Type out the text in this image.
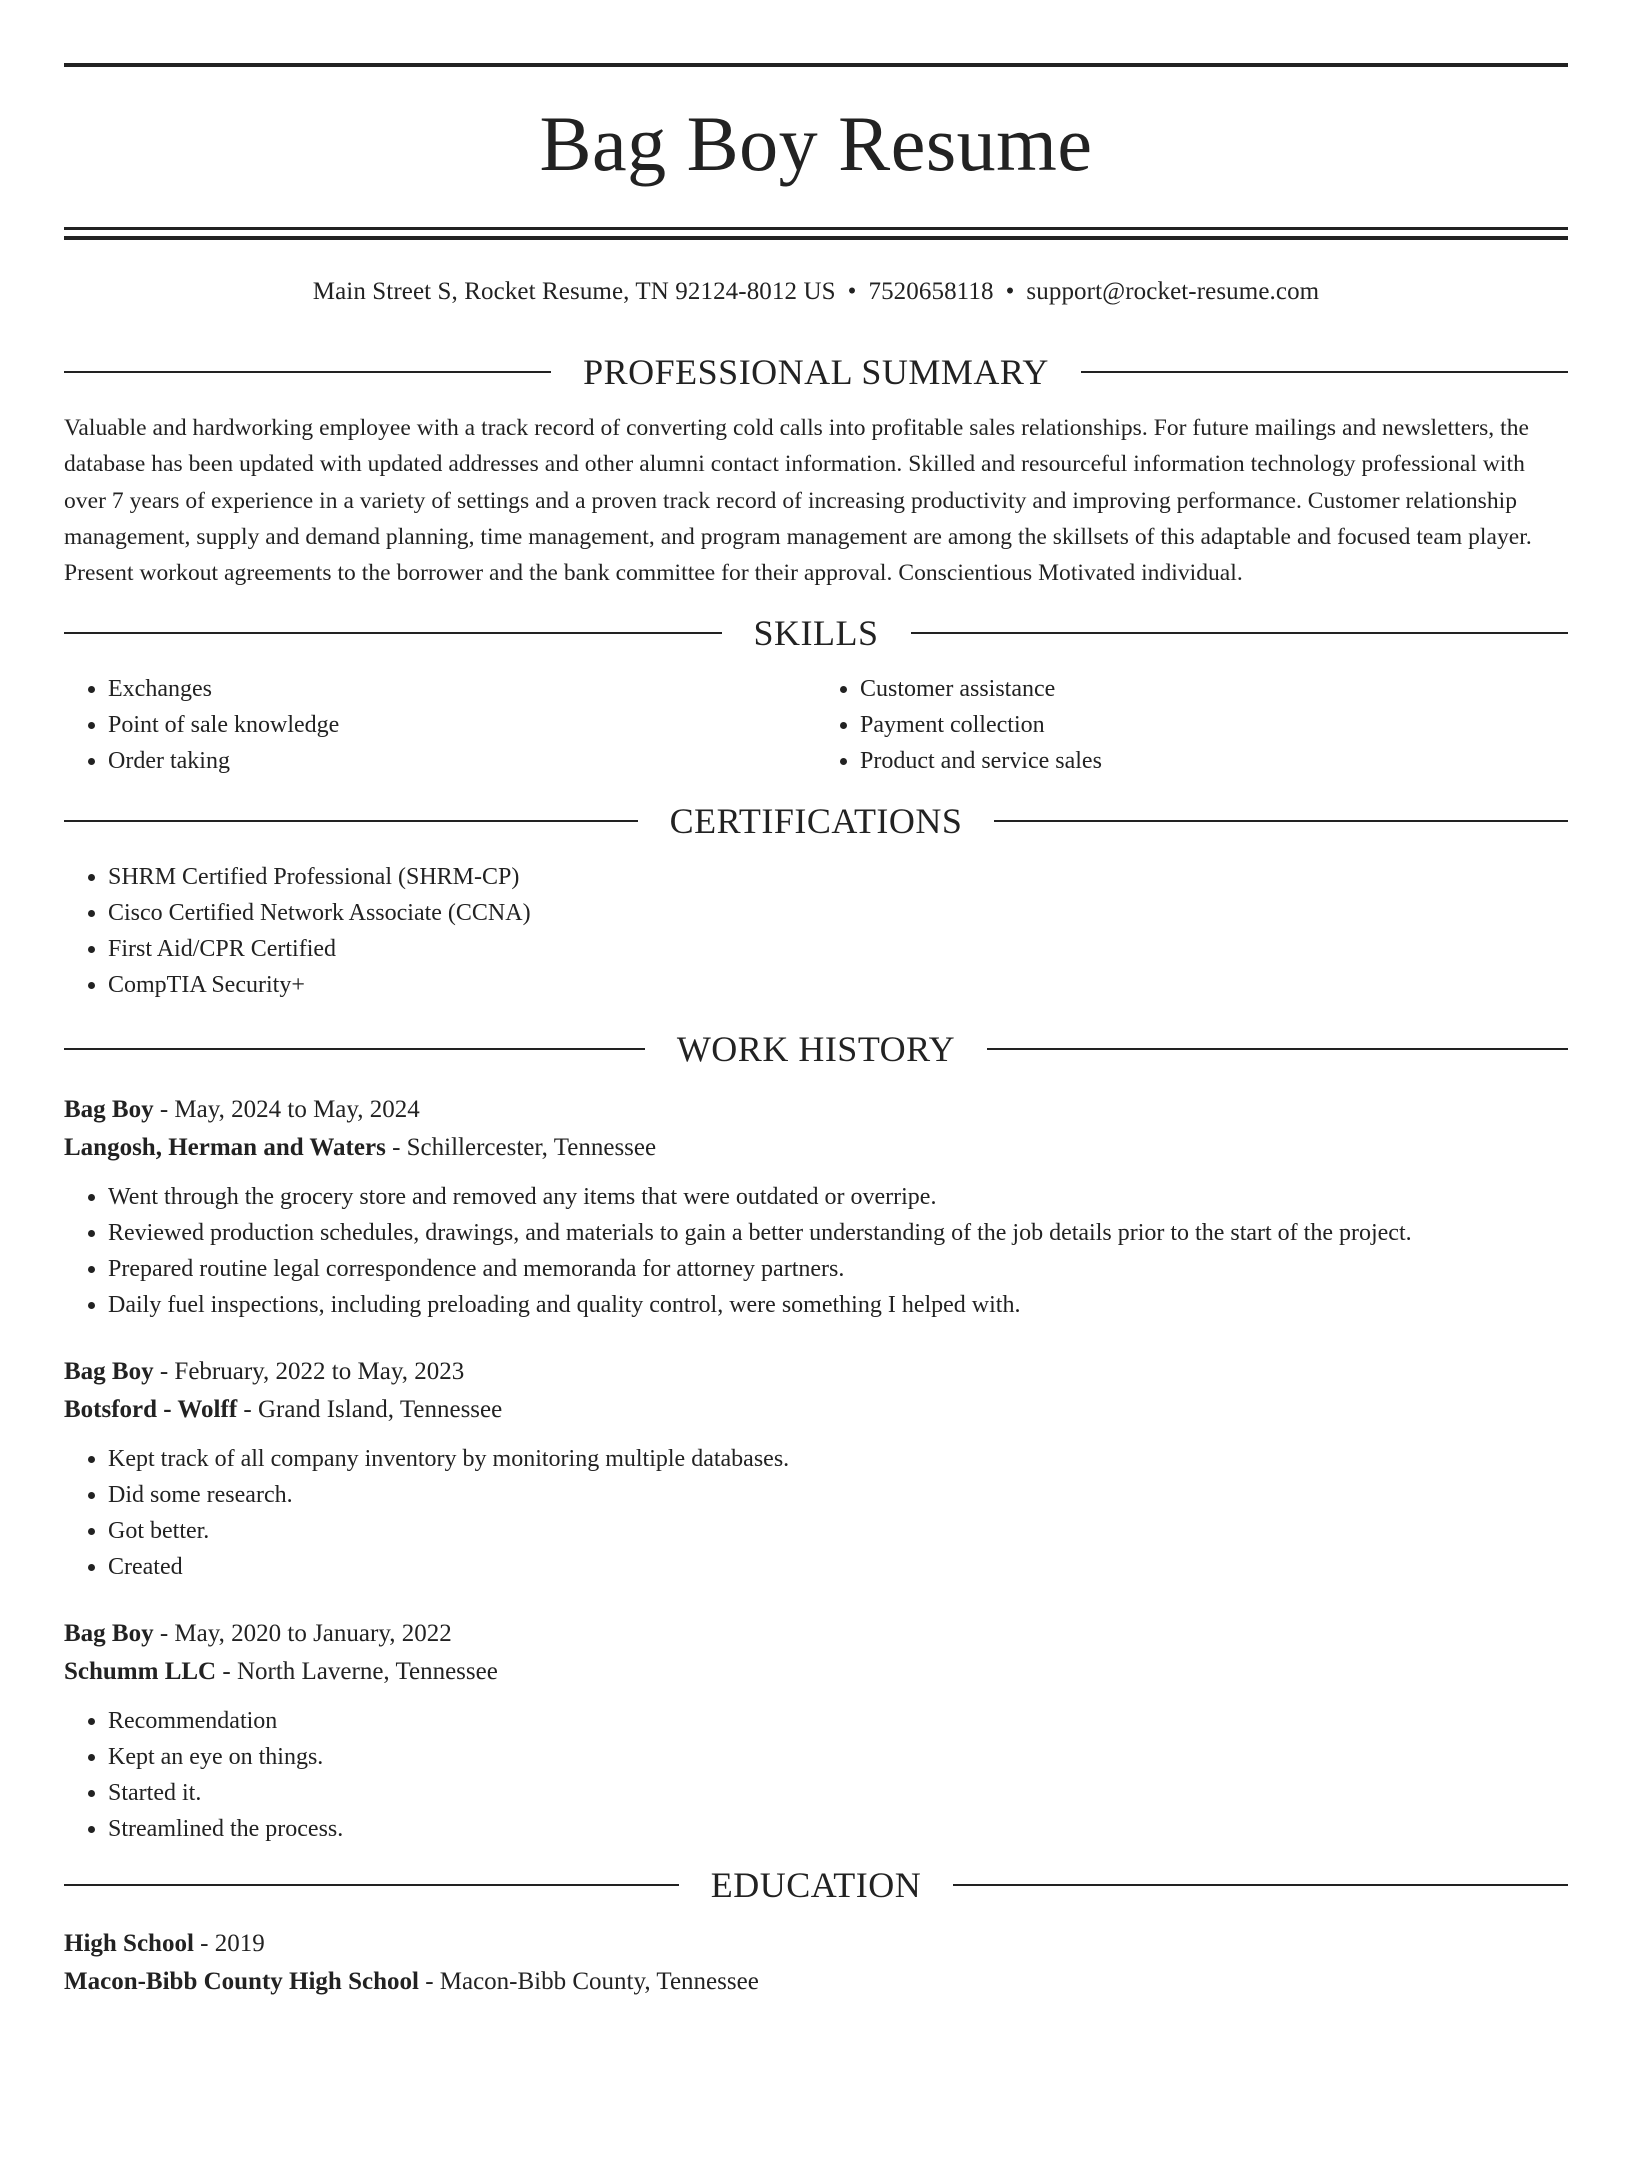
Bag Boy Resume
Main Street S, Rocket Resume, TN 92124-8012 US • 7520658118 • support@rocket-resume.com
PROFESSIONAL SUMMARY
Valuable and hardworking employee with a track record of converting cold calls into profitable sales relationships. For future mailings and newsletters, the database has been updated with updated addresses and other alumni contact information. Skilled and resourceful information technology professional with over 7 years of experience in a variety of settings and a proven track record of increasing productivity and improving performance. Customer relationship management, supply and demand planning, time management, and program management are among the skillsets of this adaptable and focused team player. Present workout agreements to the borrower and the bank committee for their approval. Conscientious Motivated individual.
SKILLS
• Exchanges
• Point of sale knowledge
• Order taking
• Customer assistance
• Payment collection
• Product and service sales
CERTIFICATIONS
• SHRM Certified Professional (SHRM-CP)
• Cisco Certified Network Associate (CCNA)
• First Aid/CPR Certified
• CompTIA Security+
WORK HISTORY
Bag Boy - May, 2024 to May, 2024
Langosh, Herman and Waters - Schillercester, Tennessee
• Went through the grocery store and removed any items that were outdated or overripe.
• Reviewed production schedules, drawings, and materials to gain a better understanding of the job details prior to the start of the project.
• Prepared routine legal correspondence and memoranda for attorney partners.
• Daily fuel inspections, including preloading and quality control, were something I helped with.
Bag Boy - February, 2022 to May, 2023
Botsford - Wolff - Grand Island, Tennessee
• Kept track of all company inventory by monitoring multiple databases.
• Did some research.
• Got better.
• Created
Bag Boy - May, 2020 to January, 2022
Schumm LLC - North Laverne, Tennessee
• Recommendation
• Kept an eye on things.
• Started it.
• Streamlined the process.
EDUCATION
High School - 2019
Macon-Bibb County High School - Macon-Bibb County, Tennessee
